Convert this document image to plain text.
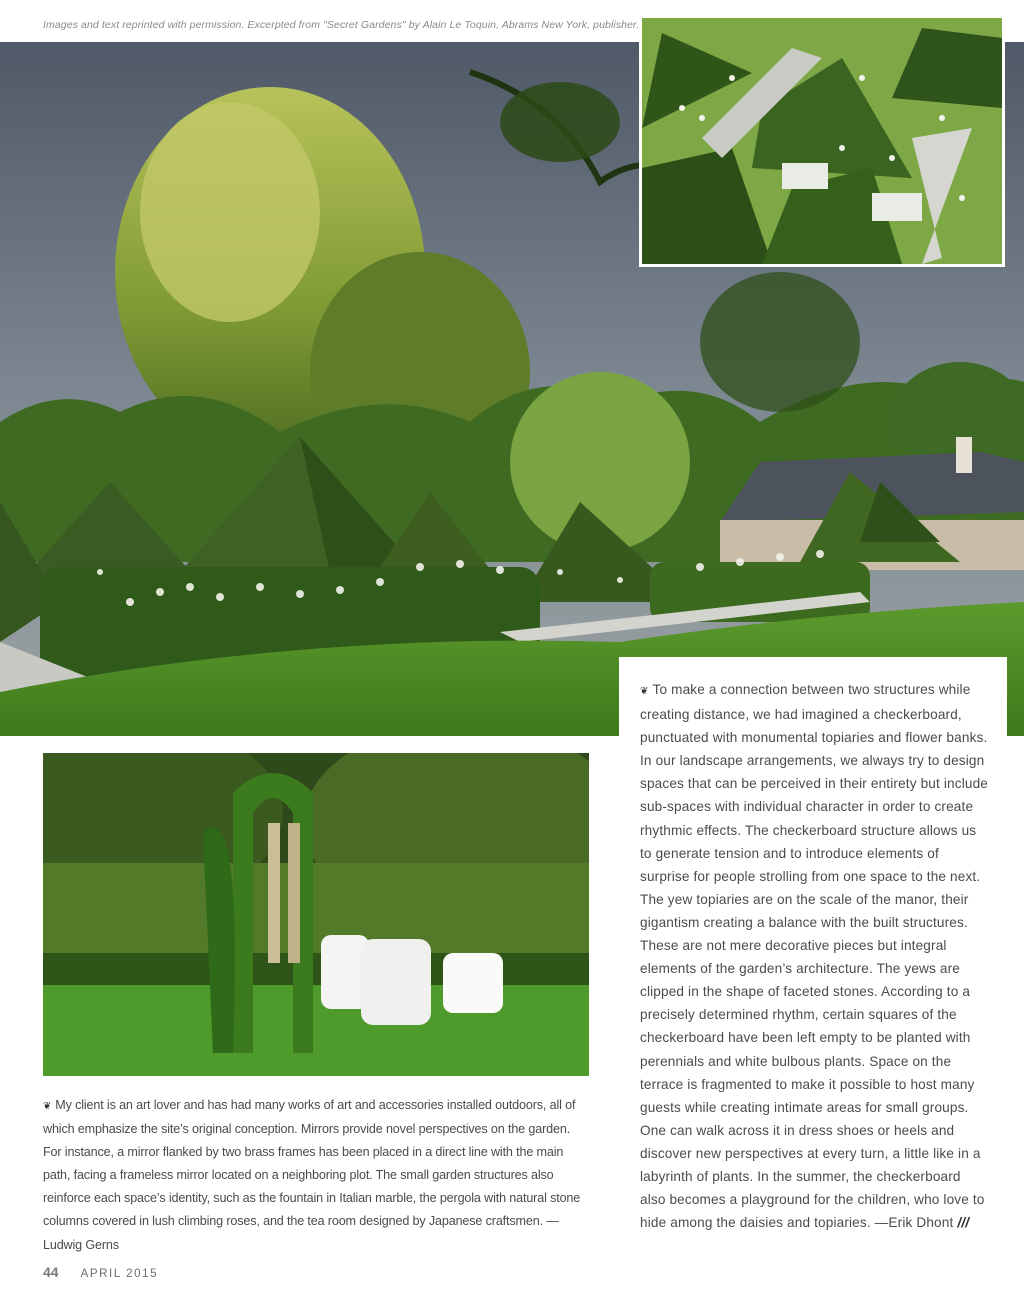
Images and text reprinted with permission. Excerpted from "Secret Gardens" by Alain Le Toquin, Abrams New York, publisher.

❦ To make a connection between two structures while creating distance, we had imagined a checkerboard, punctuated with monumental topiaries and flower banks. In our landscape arrangements, we always try to design spaces that can be perceived in their entirety but include sub-spaces with individual character in order to create rhythmic effects. The checkerboard structure allows us to generate tension and to introduce elements of surprise for people strolling from one space to the next. The yew topiaries are on the scale of the manor, their gigantism creating a balance with the built structures. These are not mere decorative pieces but integral elements of the garden’s architecture. The yews are clipped in the shape of faceted stones. According to a precisely determined rhythm, certain squares of the checkerboard have been left empty to be planted with perennials and white bulbous plants. Space on the terrace is fragmented to make it possible to host many guests while creating intimate areas for small groups. One can walk across it in dress shoes or heels and discover new perspectives at every turn, a little like in a labyrinth of plants. In the summer, the checkerboard also becomes a playground for the children, who love to hide among the daisies and topiaries. —Erik Dhont ///

❦ My client is an art lover and has had many works of art and accessories installed outdoors, all of which emphasize the site’s original conception. Mirrors provide novel perspectives on the garden. For instance, a mirror flanked by two brass frames has been placed in a direct line with the main path, facing a frameless mirror located on a neighboring plot. The small garden structures also reinforce each space’s identity, such as the fountain in Italian marble, the pergola with natural stone columns covered in lush climbing roses, and the tea room designed by Japanese craftsmen. —Ludwig Gerns

44 APRIL 2015
